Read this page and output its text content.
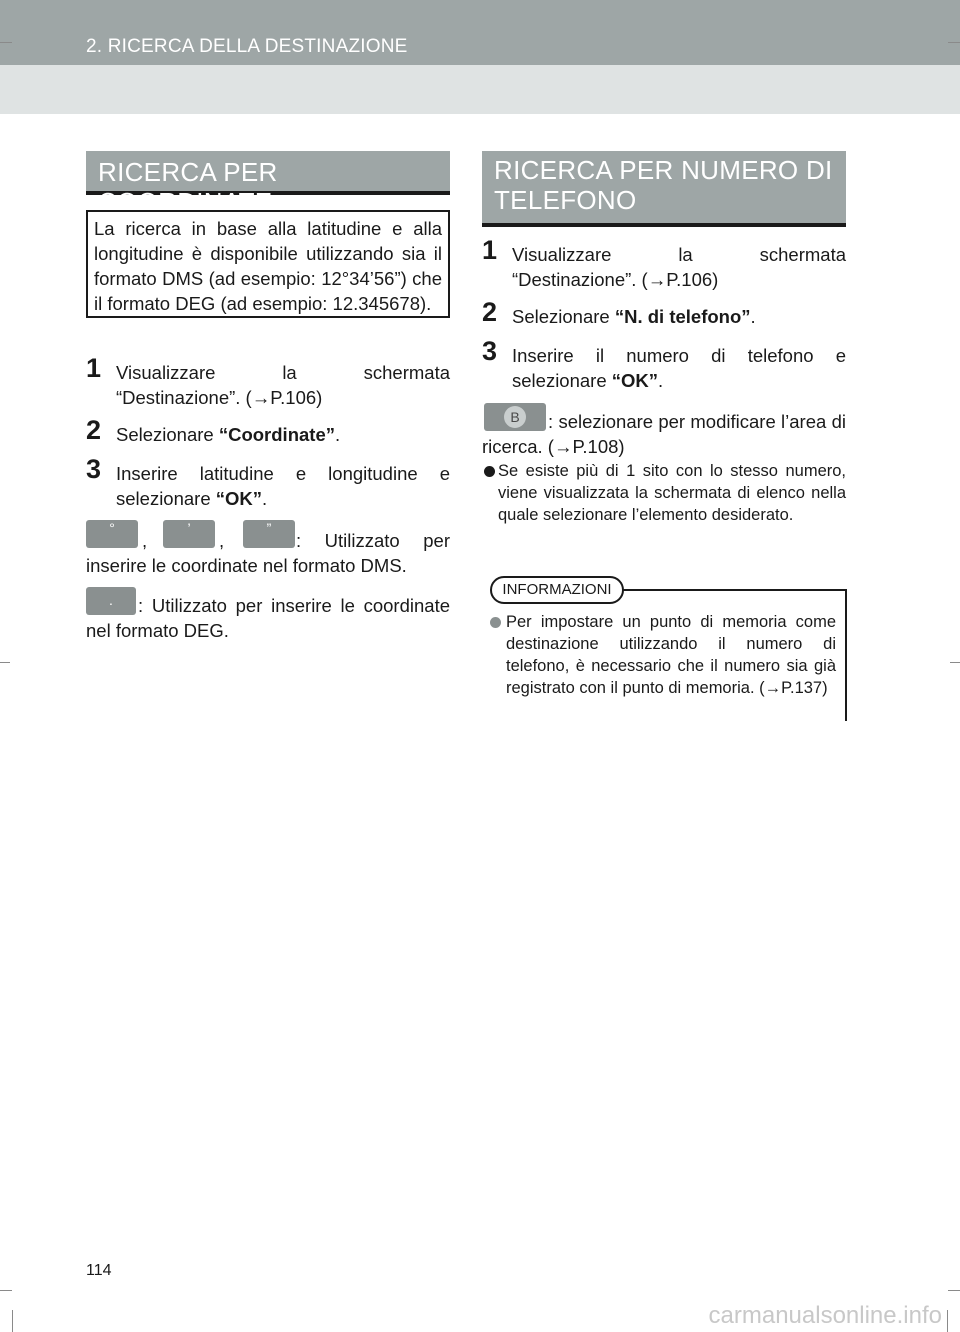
2. RICERCA DELLA DESTINAZIONE
RICERCA PER COORDINATE
La ricerca in base alla latitudine e alla longitudine è disponibile utilizzando sia il formato DMS (ad esempio: 12°34’56”) che il formato DEG (ad esempio: 12.345678).
1 Visualizzare la schermata “Destinazione”. (→P.106)
2 Selezionare “Coordinate”.
3 Inserire latitudine e longitudine e selezionare “OK”.
°
,
’
,
”
: Utilizzato per inserire le coordinate nel formato DMS.
.	: Utilizzato per inserire le coordinate nel formato DEG.
RICERCA PER NUMERO DI
TELEFONO
1 Visualizzare la schermata “Destinazione”. (→P.106)
2 Selezionare “N. di telefono”.
3 Inserire il numero di telefono e selezionare “OK”.
B	: selezionare per modificare l’area di ricerca. (→P.108)
Se esiste più di 1 sito con lo stesso numero, viene visualizzata la schermata di elenco nella quale selezionare l’elemento desiderato.
INFORMAZIONI
Per impostare un punto di memoria come destinazione utilizzando il numero di telefono, è necessario che il numero sia già registrato con il punto di memoria. (→P.137)
114
carmanualsonline.info
